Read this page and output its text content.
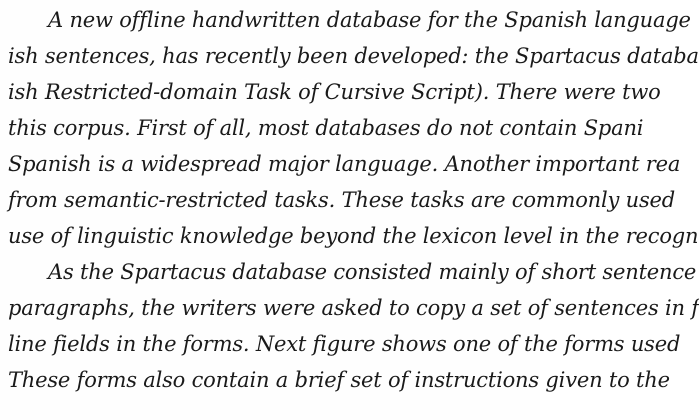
A new offline handwritten database for the Spanish language
ish sentences, has recently been developed: the Spartacus databa
ish Restricted-domain Task of Cursive Script). There were two
this corpus. First of all, most databases do not contain Spani
Spanish is a widespread major language. Another important rea
from semantic-restricted tasks. These tasks are commonly used
use of linguistic knowledge beyond the lexicon level in the recogn
As the Spartacus database consisted mainly of short sentence
paragraphs, the writers were asked to copy a set of sentences in f
line fields in the forms. Next figure shows one of the forms used
These forms also contain a brief set of instructions given to the
